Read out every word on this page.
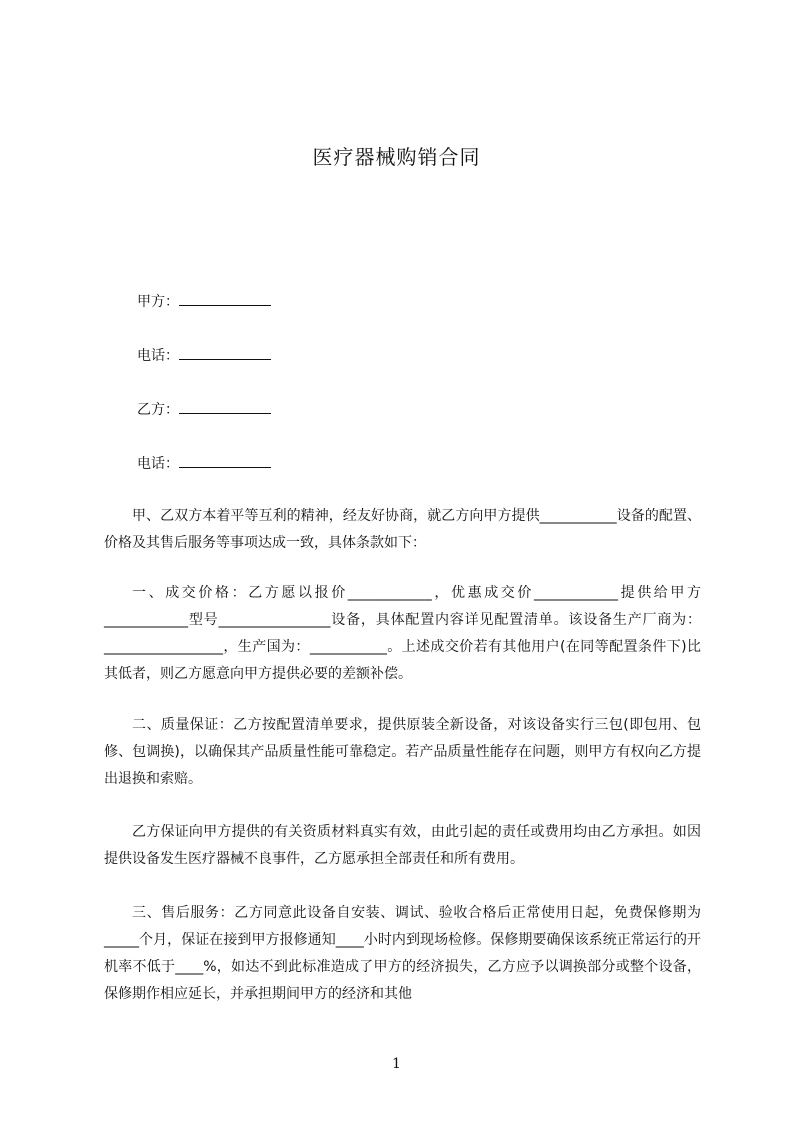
医疗器械购销合同
甲方：
电话：
乙方：
电话：
甲、乙双方本着平等互利的精神，经友好协商，就乙方向甲方提供___________设备的配置、价格及其售后服务等事项达成一致，具体条款如下：
一、成交价格：乙方愿以报价____________，优惠成交价____________提供给甲方____________型号________________设备，具体配置内容详见配置清单。该设备生产厂商为：_________________，生产国为：___________。上述成交价若有其他用户(在同等配置条件下)比其低者，则乙方愿意向甲方提供必要的差额补偿。
二、质量保证：乙方按配置清单要求，提供原装全新设备，对该设备实行三包(即包用、包修、包调换)，以确保其产品质量性能可靠稳定。若产品质量性能存在问题，则甲方有权向乙方提出退换和索赔。
乙方保证向甲方提供的有关资质材料真实有效，由此引起的责任或费用均由乙方承担。如因提供设备发生医疗器械不良事件，乙方愿承担全部责任和所有费用。
三、售后服务：乙方同意此设备自安装、调试、验收合格后正常使用日起，免费保修期为_____个月，保证在接到甲方报修通知____小时内到现场检修。保修期要确保该系统正常运行的开机率不低于____%，如达不到此标准造成了甲方的经济损失，乙方应予以调换部分或整个设备，保修期作相应延长，并承担期间甲方的经济和其他
1
